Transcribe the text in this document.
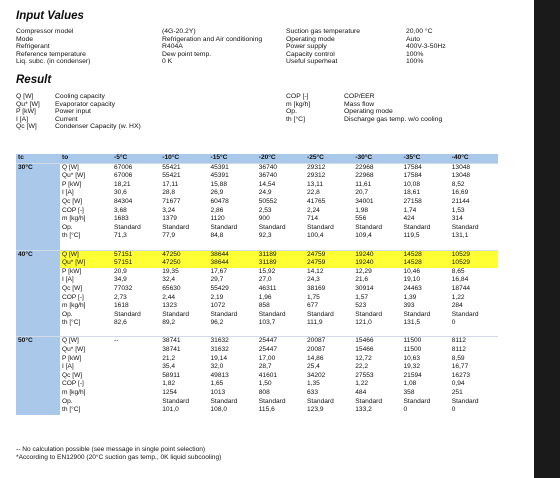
Input Values
Compressor model	(4G-20.2Y)
Mode	Refrigeration and Air conditioning
Refrigerant	R404A
Reference temperature	Dew point temp.
Liq. subc. (in condenser)	0 K
Suction gas temperature	20,00 °C
Operating mode	Auto
Power supply	400V-3-50Hz
Capacity control	100%
Useful superheat	100%
Result
Q [W]	Cooling capacity
Qu* [W]	Evaporator capacity
P [kW]	Power input
I [A]	Current
Qc [W]	Condenser Capacity (w. HX)
COP [-]	COP/EER
m [kg/h]	Mass flow
Op.	Operating mode
th [°C]	Discharge gas temp. w/o cooling
tc	to	-5°C	-10°C	-15°C	-20°C	-25°C	-30°C	-35°C	-40°C
30°C	Q [W]	67006	55421	45391	36740	29312	22968	17584	13048
	Qu* [W]	67006	55421	45391	36740	29312	22968	17584	13048
	P [kW]	18,21	17,11	15,88	14,54	13,11	11,61	10,08	8,52
	I [A]	30,6	28,8	26,9	24,9	22,8	20,7	18,61	16,69
	Qc [W]	84304	71677	60478	50552	41765	34001	27158	21144
	COP [-]	3,68	3,24	2,86	2,53	2,24	1,98	1,74	1,53
	m [kg/h]	1683	1379	1120	900	714	556	424	314
	Op.	Standard	Standard	Standard	Standard	Standard	Standard	Standard	Standard
	th [°C]	71,3	77,9	84,8	92,3	100,4	109,4	119,5	131,1

40°C	Q [W]	57151	47250	38644	31189	24759	19240	14528	10529
	Qu* [W]	57151	47250	38644	31189	24759	19240	14528	10529
	P [kW]	20,9	19,35	17,67	15,92	14,12	12,29	10,46	8,65
	I [A]	34,9	32,4	29,7	27,0	24,3	21,6	19,10	16,84
	Qc [W]	77032	65630	55429	46311	38169	30914	24463	18744
	COP [-]	2,73	2,44	2,19	1,96	1,75	1,57	1,39	1,22
	m [kg/h]	1618	1323	1072	858	677	523	393	284
	Op.	Standard	Standard	Standard	Standard	Standard	Standard	Standard	Standard
	th [°C]	82,6	89,2	96,2	103,7	111,9	121,0	131,5	0

50°C	Q [W]	--	38741	31632	25447	20087	15466	11500	8112
	Qu* [W]		38741	31632	25447	20087	15466	11500	8112
	P [kW]		21,2	19,14	17,00	14,86	12,72	10,63	8,59
	I [A]		35,4	32,0	28,7	25,4	22,2	19,32	16,77
	Qc [W]		58911	49813	41601	34202	27553	21594	16273
	COP [-]		1,82	1,65	1,50	1,35	1,22	1,08	0,94
	m [kg/h]		1254	1013	808	633	484	358	251
	Op.		Standard	Standard	Standard	Standard	Standard	Standard	Standard
	th [°C]		101,0	108,0	115,6	123,9	133,2	0	0
-- No calculation possible (see message in single point selection)
*According to EN12900 (20°C suction gas temp., 0K liquid subcooling)
